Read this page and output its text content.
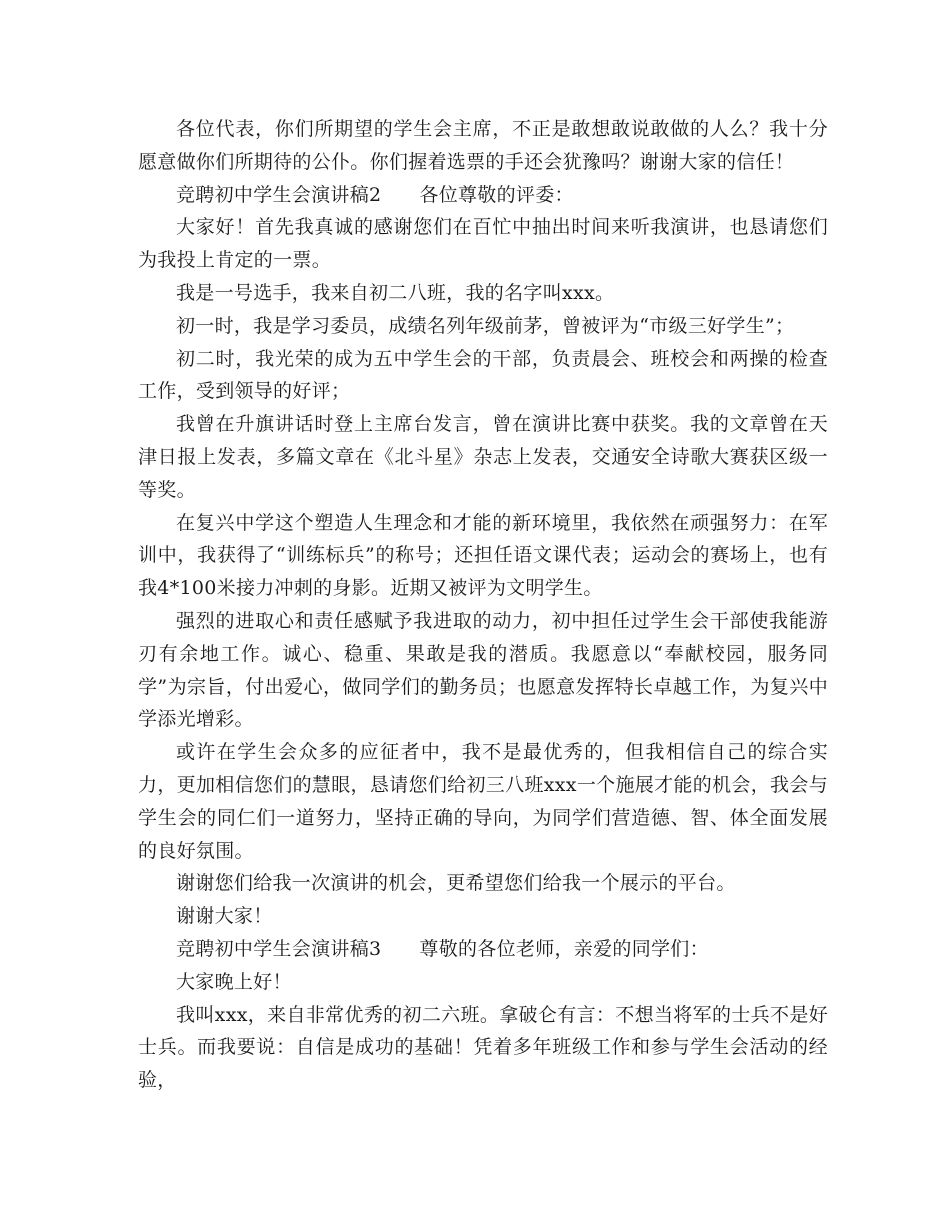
各位代表，你们所期望的学生会主席，不正是敢想敢说敢做的人么？我十分愿意做你们所期待的公仆。你们握着选票的手还会犹豫吗？谢谢大家的信任！

竞聘初中学生会演讲稿2 各位尊敬的评委：

大家好！首先我真诚的感谢您们在百忙中抽出时间来听我演讲，也恳请您们为我投上肯定的一票。

我是一号选手，我来自初二八班，我的名字叫xxx。

初一时，我是学习委员，成绩名列年级前茅，曾被评为“市级三好学生”；

初二时，我光荣的成为五中学生会的干部，负责晨会、班校会和两操的检查工作，受到领导的好评；

我曾在升旗讲话时登上主席台发言，曾在演讲比赛中获奖。我的文章曾在天津日报上发表，多篇文章在《北斗星》杂志上发表，交通安全诗歌大赛获区级一等奖。

在复兴中学这个塑造人生理念和才能的新环境里，我依然在顽强努力：在军训中，我获得了“训练标兵”的称号；还担任语文课代表；运动会的赛场上，也有我4*100米接力冲刺的身影。近期又被评为文明学生。

强烈的进取心和责任感赋予我进取的动力，初中担任过学生会干部使我能游刃有余地工作。诚心、稳重、果敢是我的潜质。我愿意以“奉献校园，服务同学”为宗旨，付出爱心，做同学们的勤务员；也愿意发挥特长卓越工作，为复兴中学添光增彩。

或许在学生会众多的应征者中，我不是最优秀的，但我相信自己的综合实力，更加相信您们的慧眼，恳请您们给初三八班xxx一个施展才能的机会，我会与学生会的同仁们一道努力，坚持正确的导向，为同学们营造德、智、体全面发展的良好氛围。

谢谢您们给我一次演讲的机会，更希望您们给我一个展示的平台。

谢谢大家！

竞聘初中学生会演讲稿3 尊敬的各位老师，亲爱的同学们：

大家晚上好！

我叫xxx，来自非常优秀的初二六班。拿破仑有言：不想当将军的士兵不是好士兵。而我要说：自信是成功的基础！凭着多年班级工作和参与学生会活动的经验，
